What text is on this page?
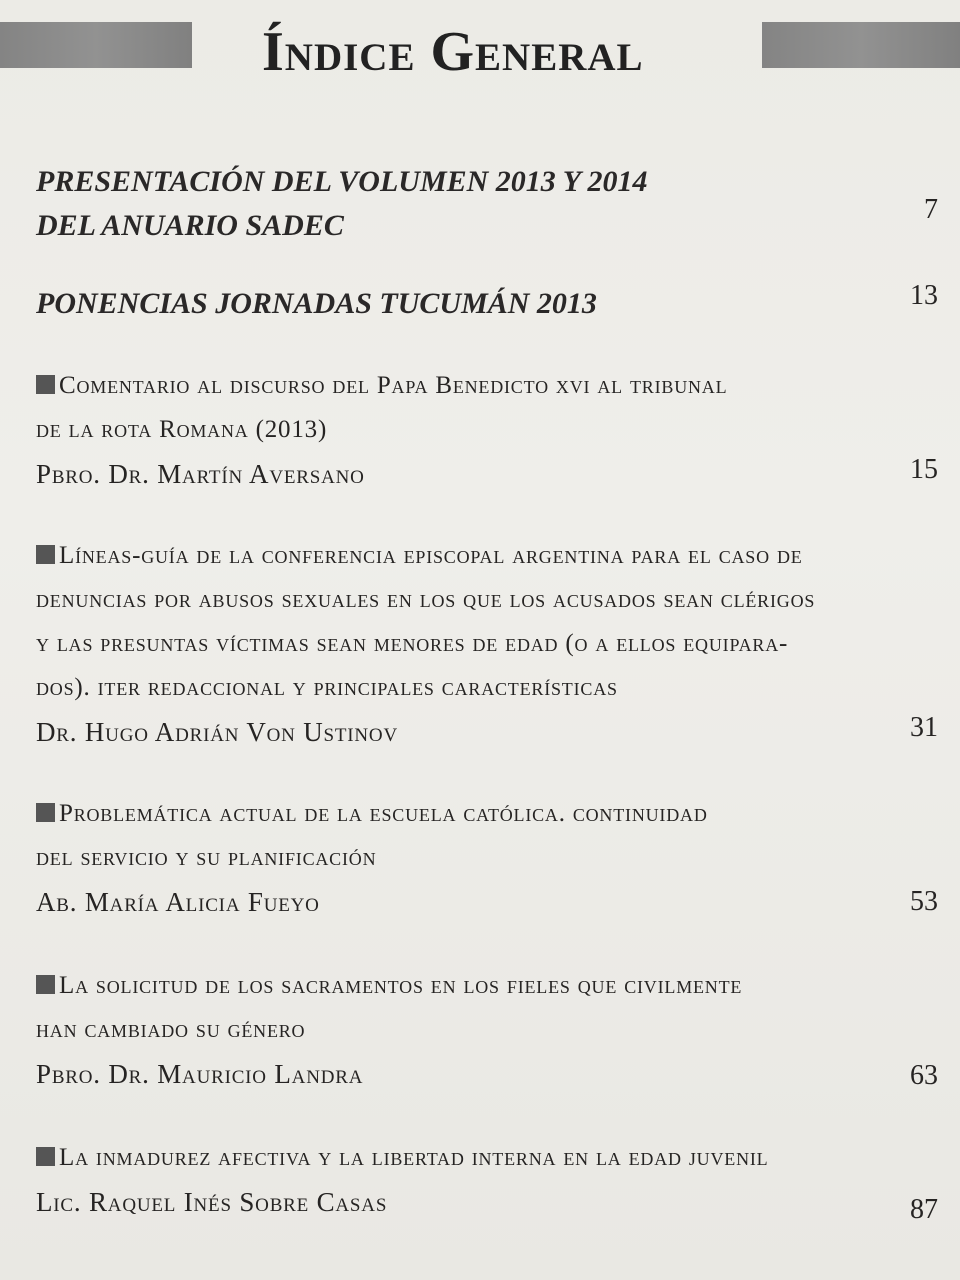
Índice General
PRESENTACIÓN DEL VOLUMEN 2013 Y 2014
DEL ANUARIO SADEC	7
PONENCIAS JORNADAS TUCUMÁN 2013	13
Comentario al discurso del Papa Benedicto xvi al tribunal
de la rota Romana (2013)
Pbro. Dr. Martín Aversano	15
Líneas-guía de la conferencia episcopal argentina para el caso de
denuncias por abusos sexuales en los que los acusados sean clérigos
y las presuntas víctimas sean menores de edad (o a ellos equipara-
dos). iter redaccional y principales características
Dr. Hugo Adrián Von Ustinov	31
Problemática actual de la escuela católica. continuidad
del servicio y su planificación
Ab. María Alicia Fueyo	53
La solicitud de los sacramentos en los fieles que civilmente
han cambiado su género
Pbro. Dr. Mauricio Landra	63
La inmadurez afectiva y la libertad interna en la edad juvenil
Lic. Raquel Inés Sobre Casas	87
